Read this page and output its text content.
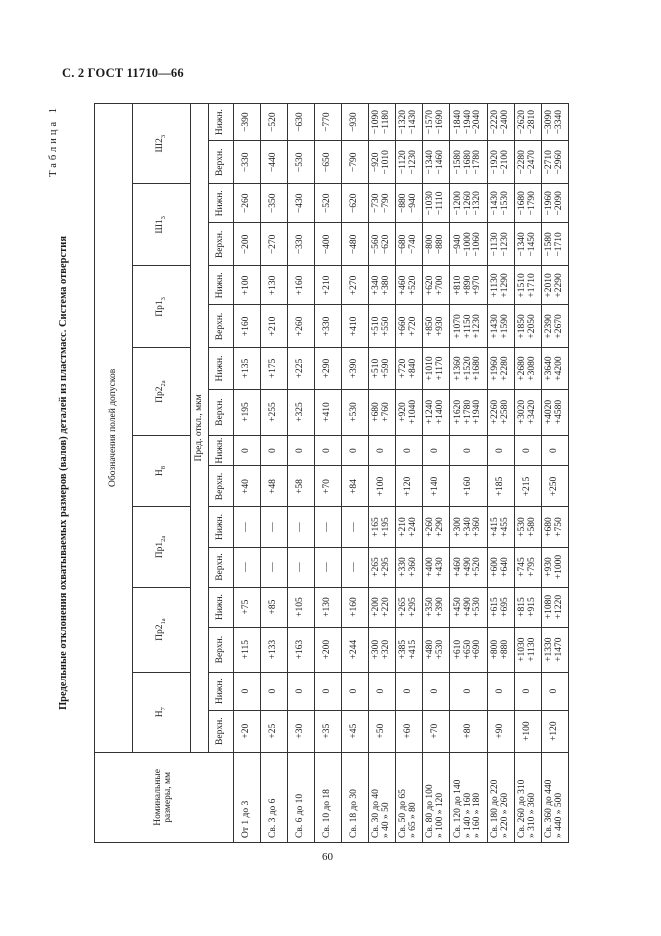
С. 2 ГОСТ 11710—66
Таблица 1
Предельные отклонения охватываемых размеров (валов) деталей из пластмасс. Система отверстия
Номинальные размеры, мм	Обозначения полей допусков															
	$Н_7$		$Пр2_{1а}$		$Пр1_{2а}$		$Н_8$		$Пр2_{2а}$		$Пр1_3$		$Ш1_3$		$Ш2_3$
	Пред. откл., мкм															
	Верхн.	Нижн.	Верхн.	Нижн.	Верхн.	Нижн.	Верхн.	Нижн.	Верхн.	Нижн.	Верхн.	Нижн.	Верхн.	Нижн.	Верхн.	Нижн.

От 1 до 3	+20	0	+115	+75	—	—	+40	0	+195	+135	+160	+100	−200	−260	−330	−390

Св. 3 до 6	+25	0	+133	+85	—	—	+48	0	+255	+175	+210	+130	−270	−350	−440	−520

Св. 6 до 10	+30	0	+163	+105	—	—	+58	0	+325	+225	+260	+160	−330	−430	−530	−630

Св. 10 до 18	+35	0	+200	+130	—	—	+70	0	+410	+290	+330	+210	−400	−520	−650	−770

Св. 18 до 30	+45	0	+244	+160	—	—	+84	0	+530	+390	+410	+270	−480	−620	−790	−930

Св. 30 до 40 » 40 » 50	+50	0	+300 +320	+200 +220	+265 +295	+165 +195	+100	0	+680 +760	+510 +590	+510 +550	+340 +380	−560 −620	−730 −790	−920 −1010	−1090 −1180

Св. 50 до 65 » 65 » 80	+60	0	+385 +415	+265 +295	+330 +360	+210 +240	+120	0	+920 +1040	+720 +840	+660 +720	+460 +520	−680 −740	−880 −940	−1120 −1230	−1320 −1430

Св. 80 до 100 » 100 » 120	+70	0	+480 +530	+350 +390	+400 +430	+260 +290	+140	0	+1240 +1400	+1010 +1170	+850 +930	+620 +700	−800 −880	−1030 −1110	−1340 −1460	−1570 −1690

Св. 120 до 140 » 140 » 160 » 160 » 180	+80	0	+610 +650 +690	+450 +490 +530	+460 +490 +520	+300 +340 +360	+160	0	+1620 +1780 +1940	+1360 +1520 +1680	+1070 +1150 +1230	+810 +890 +970	−940 −1000 −1060	−1200 −1260 −1320	−1580 −1680 −1780	−1840 −1940 −2040

Св. 180 до 220 » 220 » 260	+90	0	+800 +880	+615 +695	+600 +640	+415 +455	+185	0	+2260 +2580	+1960 +2280	+1430 +1590	+1130 +1290	−1130 −1230	−1430 −1530	−1920 −2100	−2220 −2400

Св. 260 до 310 » 310 » 360	+100	0	+1030 +1130	+815 +915	+745 +795	+530 +580	+215	0	+3020 +3420	+2680 +3080	+1850 +2050	+1510 +1710	−1340 −1450	−1680 −1790	−2280 −2470	−2620 −2810

Св. 360 до 440 » 440 » 500	+120	0	+1330 +1470	+1080 +1220	+930 +1000	+680 +750	+250	0	+4020 +4580	+3640 +4200	+2390 +2670	+2010 +2290	−1580 −1710	−1960 −2090	−2710 −2960	−3090 −3340
60
